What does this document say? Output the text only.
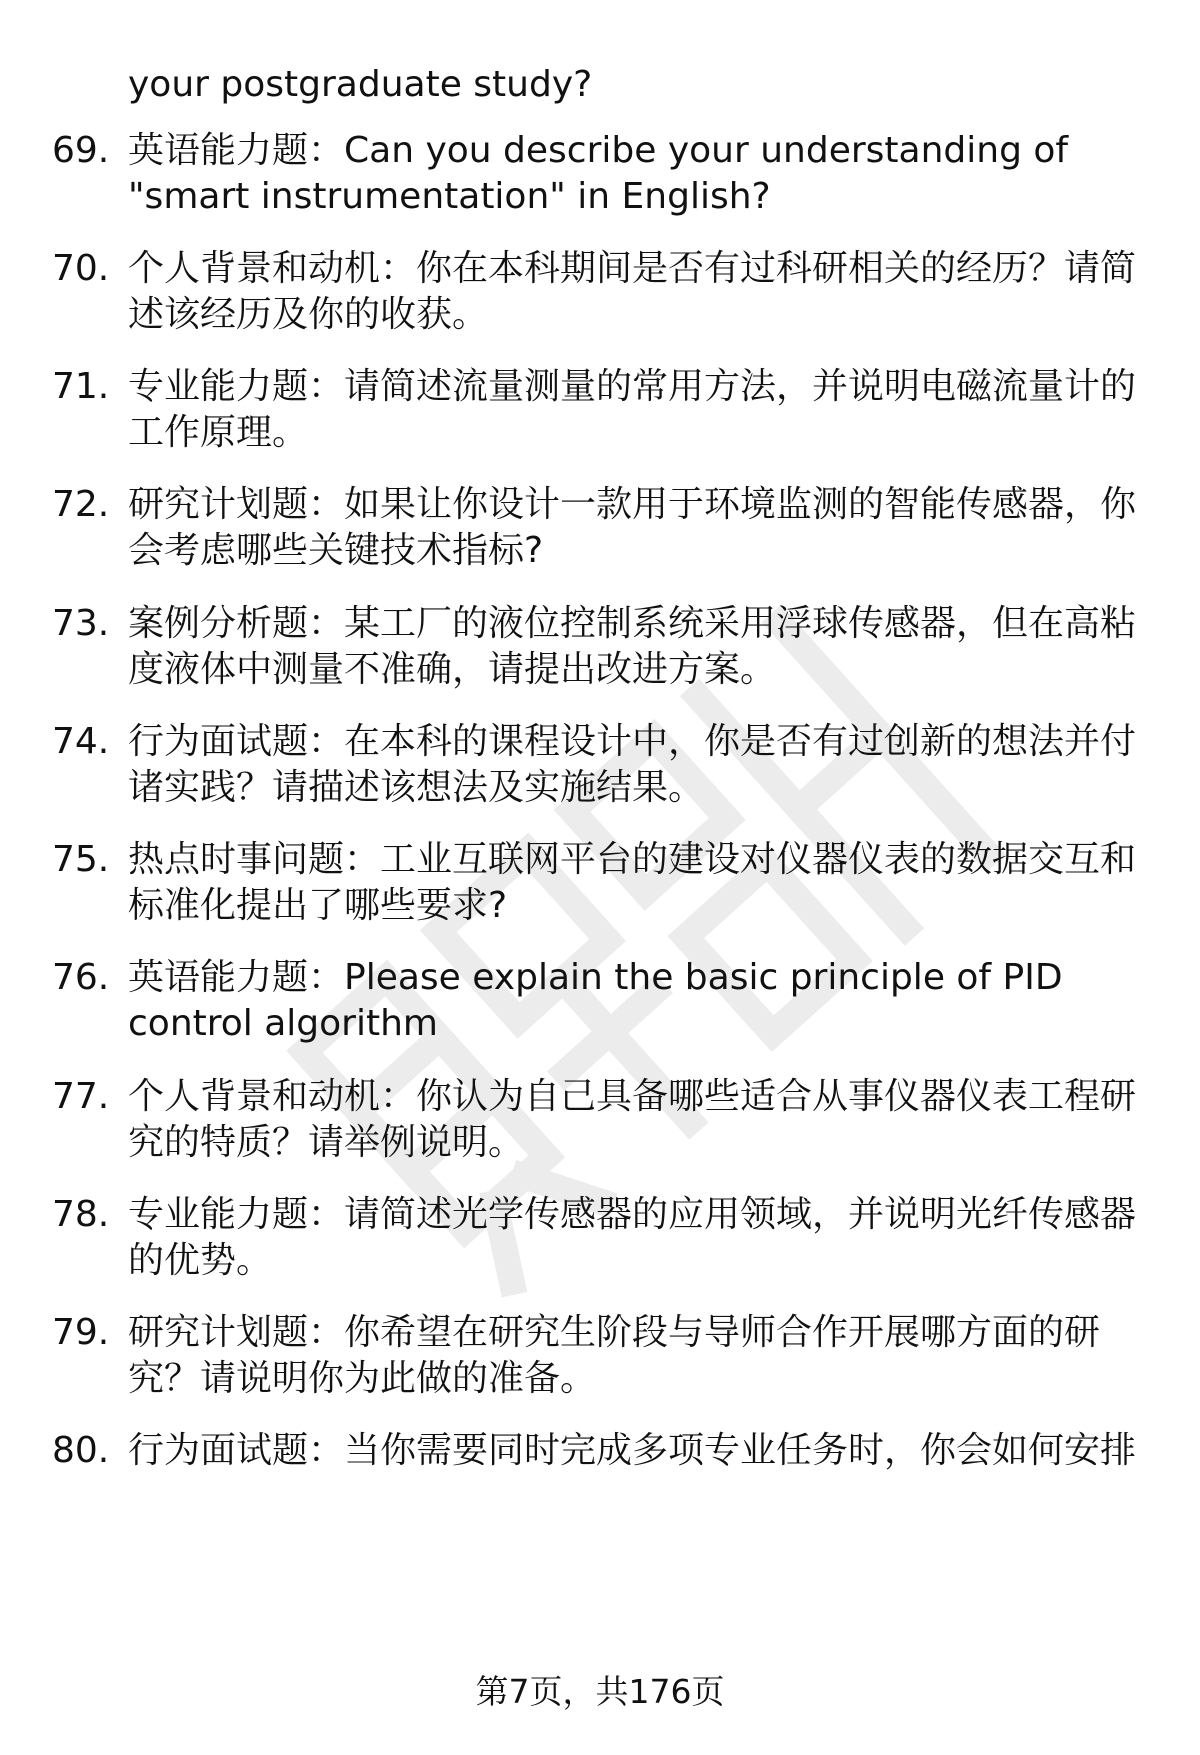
your postgraduate study?

69. 英语能力题：Can you describe your understanding of
"smart instrumentation" in English?
70. 个人背景和动机：你在本科期间是否有过科研相关的经历？请简
述该经历及你的收获。
71. 专业能力题：请简述流量测量的常用方法，并说明电磁流量计的
工作原理。
72. 研究计划题：如果让你设计一款用于环境监测的智能传感器，你
会考虑哪些关键技术指标?
73. 案例分析题：某工厂的液位控制系统采用浮球传感器，但在高粘
度液体中测量不准确，请提出改进方案。
74. 行为面试题：在本科的课程设计中，你是否有过创新的想法并付
诸实践？请描述该想法及实施结果。
75. 热点时事问题：工业互联网平台的建设对仪器仪表的数据交互和
标准化提出了哪些要求?
76. 英语能力题：Please explain the basic principle of PID
control algorithm
77. 个人背景和动机：你认为自己具备哪些适合从事仪器仪表工程研
究的特质？请举例说明。
78. 专业能力题：请简述光学传感器的应用领域，并说明光纤传感器
的优势。
79. 研究计划题：你希望在研究生阶段与导师合作开展哪方面的研
究？请说明你为此做的准备。
80. 行为面试题：当你需要同时完成多项专业任务时，你会如何安排
第7页，共176页
